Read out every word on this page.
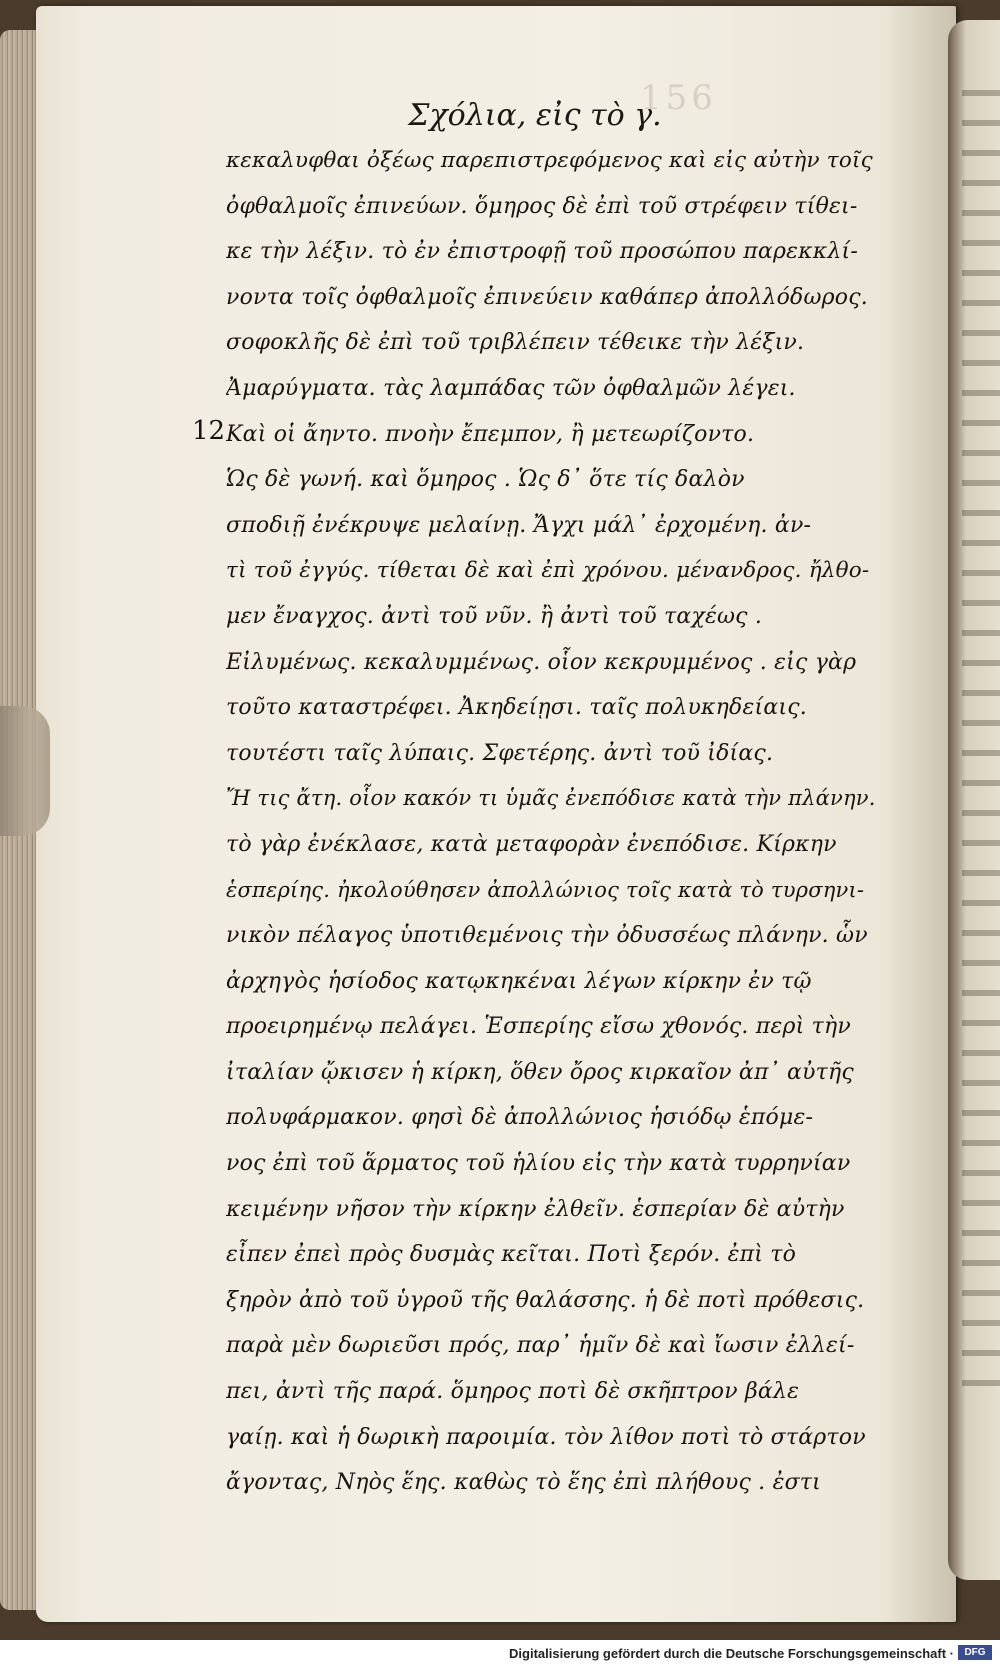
156
Σχόλια, εἰς τὸ γ.
12
κεκαλυφθαι ὀξέως παρεπιστρεφόμενος καὶ εἰς αὐτὴν τοῖς
ὀφθαλμοῖς ἐπινεύων. ὅμηρος δὲ ἐπὶ τοῦ στρέφειν τίθει-
κε τὴν λέξιν. τὸ ἐν ἐπιστροφῇ τοῦ προσώπου παρεκκλί-
νοντα τοῖς ὀφθαλμοῖς ἐπινεύειν καθάπερ ἀπολλόδωρος.
σοφοκλῆς δὲ ἐπὶ τοῦ τριβλέπειν τέθεικε τὴν λέξιν.
Ἀμαρύγματα. τὰς λαμπάδας τῶν ὀφθαλμῶν λέγει.
Καὶ οἱ ἄηντο. πνοὴν ἔπεμπον, ἢ μετεωρίζοντο.
Ὡς δὲ γωνή. καὶ ὅμηρος . Ὡς δ᾽ ὅτε τίς δαλὸν
σποδιῇ ἐνέκρυψε μελαίνῃ. Ἄγχι μάλ᾽ ἐρχομένη. ἀν-
τὶ τοῦ ἐγγύς. τίθεται δὲ καὶ ἐπὶ χρόνου. μένανδρος. ἤλθο-
μεν ἔναγχος. ἀντὶ τοῦ νῦν. ἢ ἀντὶ τοῦ ταχέως .
Εἰλυμένως. κεκαλυμμένως. οἷον κεκρυμμένος . εἰς γὰρ
τοῦτο καταστρέφει. Ἀκηδείῃσι. ταῖς πολυκηδείαις.
τουτέστι ταῖς λύπαις. Σφετέρης. ἀντὶ τοῦ ἰδίας.
Ἤ τις ἄτη. οἷον κακόν τι ὑμᾶς ἐνεπόδισε κατὰ τὴν πλάνην.
τὸ γὰρ ἐνέκλασε, κατὰ μεταφορὰν ἐνεπόδισε. Κίρκην
ἑσπερίης. ἠκολούθησεν ἀπολλώνιος τοῖς κατὰ τὸ τυρσηνι-
νικὸν πέλαγος ὑποτιθεμένοις τὴν ὀδυσσέως πλάνην. ὧν
ἀρχηγὸς ἡσίοδος κατῳκηκέναι λέγων κίρκην ἐν τῷ
προειρημένῳ πελάγει. Ἑσπερίης εἴσω χθονός. περὶ τὴν
ἰταλίαν ᾤκισεν ἡ κίρκη, ὅθεν ὄρος κιρκαῖον ἀπ᾽ αὐτῆς
πολυφάρμακον. φησὶ δὲ ἀπολλώνιος ἡσιόδῳ ἑπόμε-
νος ἐπὶ τοῦ ἅρματος τοῦ ἡλίου εἰς τὴν κατὰ τυρρηνίαν
κειμένην νῆσον τὴν κίρκην ἐλθεῖν. ἑσπερίαν δὲ αὐτὴν
εἶπεν ἐπεὶ πρὸς δυσμὰς κεῖται. Ποτὶ ξερόν. ἐπὶ τὸ
ξηρὸν ἀπὸ τοῦ ὑγροῦ τῆς θαλάσσης. ἡ δὲ ποτὶ πρόθεσις.
παρὰ μὲν δωριεῦσι πρός, παρ᾽ ἡμῖν δὲ καὶ ἴωσιν ἐλλεί-
πει, ἀντὶ τῆς παρά. ὅμηρος ποτὶ δὲ σκῆπτρον βάλε
γαίῃ. καὶ ἡ δωρικὴ παροιμία. τὸν λίθον ποτὶ τὸ στάρτον
ἄγοντας, Νηὸς ἕης. καθὼς τὸ ἕης ἐπὶ πλήθους . ἐστι
Digitalisierung gefördert durch die Deutsche Forschungsgemeinschaft ·	DFG
